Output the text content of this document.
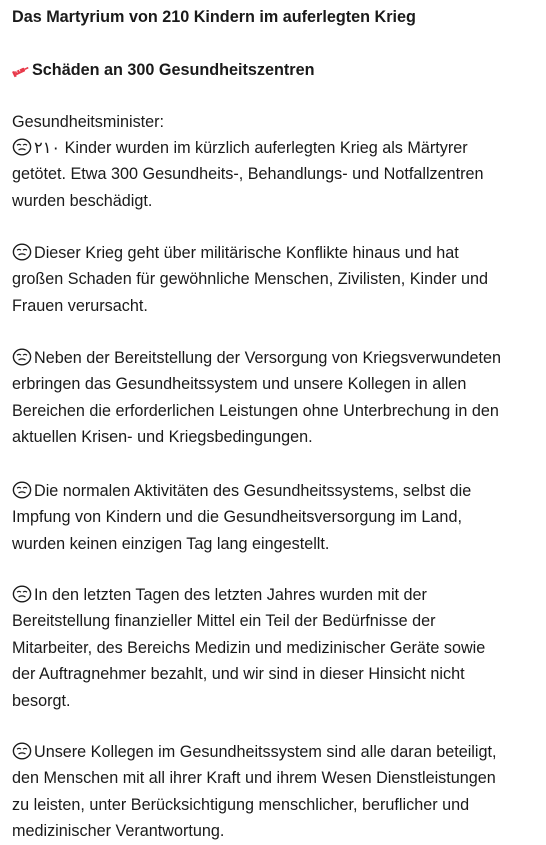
Das Martyrium von 210 Kindern im auferlegten Krieg
Schäden an 300 Gesundheitszentren
Gesundheitsminister:
٢١٠ Kinder wurden im kürzlich auferlegten Krieg als Märtyrer
getötet. Etwa 300 Gesundheits-, Behandlungs- und Notfallzentren
wurden beschädigt.
Dieser Krieg geht über militärische Konflikte hinaus und hat
großen Schaden für gewöhnliche Menschen, Zivilisten, Kinder und
Frauen verursacht.
Neben der Bereitstellung der Versorgung von Kriegsverwundeten
erbringen das Gesundheitssystem und unsere Kollegen in allen
Bereichen die erforderlichen Leistungen ohne Unterbrechung in den
aktuellen Krisen- und Kriegsbedingungen.
Die normalen Aktivitäten des Gesundheitssystems, selbst die
Impfung von Kindern und die Gesundheitsversorgung im Land,
wurden keinen einzigen Tag lang eingestellt.
In den letzten Tagen des letzten Jahres wurden mit der
Bereitstellung finanzieller Mittel ein Teil der Bedürfnisse der
Mitarbeiter, des Bereichs Medizin und medizinischer Geräte sowie
der Auftragnehmer bezahlt, und wir sind in dieser Hinsicht nicht
besorgt.
Unsere Kollegen im Gesundheitssystem sind alle daran beteiligt,
den Menschen mit all ihrer Kraft und ihrem Wesen Dienstleistungen
zu leisten, unter Berücksichtigung menschlicher, beruflicher und
medizinischer Verantwortung.
